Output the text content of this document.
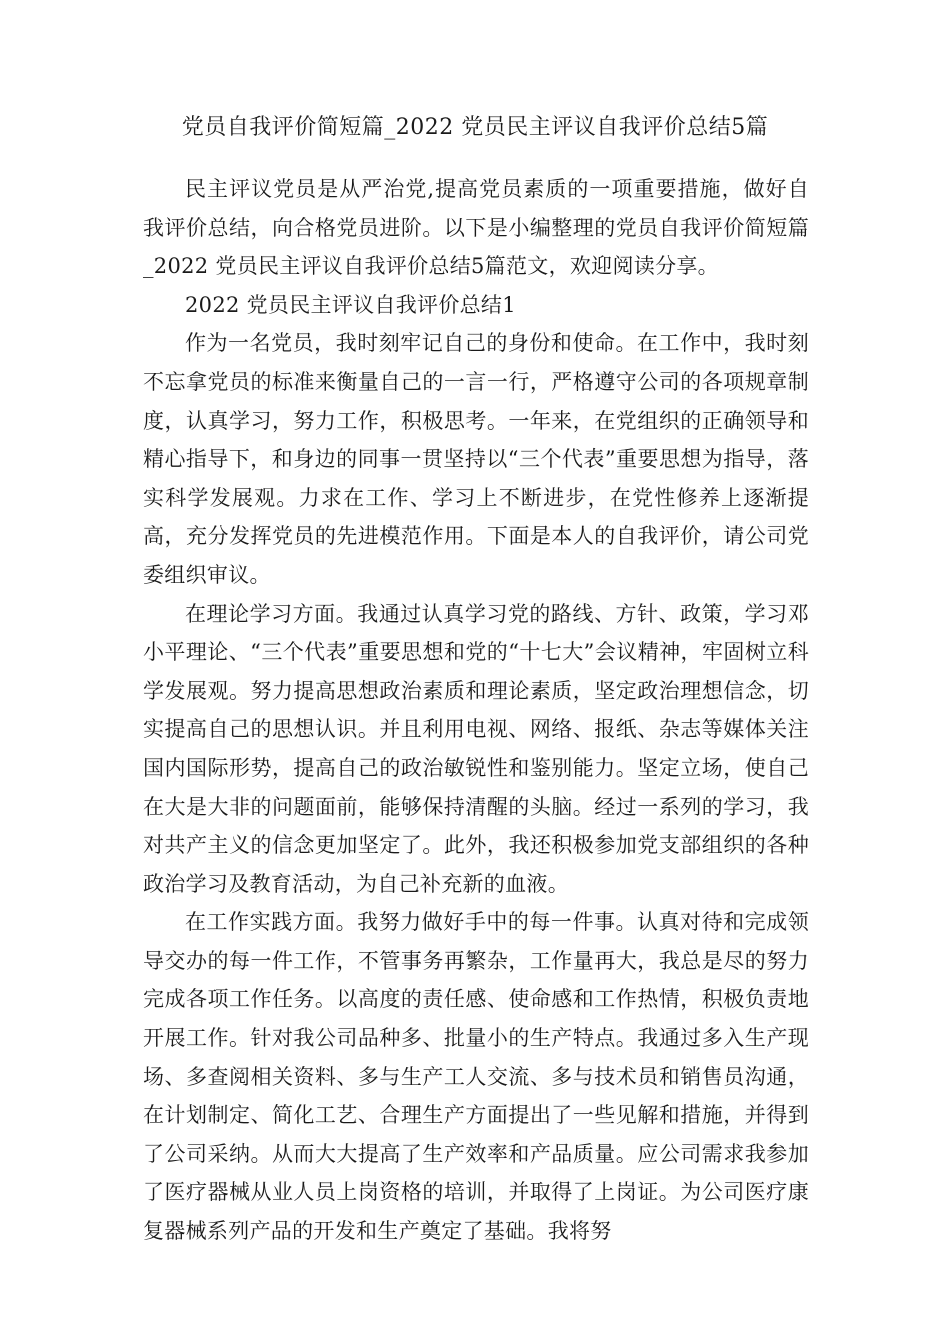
党员自我评价简短篇_2022 党员民主评议自我评价总结5篇

民主评议党员是从严治党,提高党员素质的一项重要措施，做好自我评价总结，向合格党员进阶。以下是小编整理的党员自我评价简短篇_2022 党员民主评议自我评价总结5篇范文，欢迎阅读分享。

2022 党员民主评议自我评价总结1

作为一名党员，我时刻牢记自己的身份和使命。在工作中，我时刻不忘拿党员的标准来衡量自己的一言一行，严格遵守公司的各项规章制度，认真学习，努力工作，积极思考。一年来，在党组织的正确领导和精心指导下，和身边的同事一贯坚持以“三个代表”重要思想为指导，落实科学发展观。力求在工作、学习上不断进步，在党性修养上逐渐提高，充分发挥党员的先进模范作用。下面是本人的自我评价，请公司党委组织审议。

在理论学习方面。我通过认真学习党的路线、方针、政策，学习邓小平理论、“三个代表”重要思想和党的“十七大”会议精神，牢固树立科学发展观。努力提高思想政治素质和理论素质，坚定政治理想信念，切实提高自己的思想认识。并且利用电视、网络、报纸、杂志等媒体关注国内国际形势，提高自己的政治敏锐性和鉴别能力。坚定立场，使自己在大是大非的问题面前，能够保持清醒的头脑。经过一系列的学习，我对共产主义的信念更加坚定了。此外，我还积极参加党支部组织的各种政治学习及教育活动，为自己补充新的血液。

在工作实践方面。我努力做好手中的每一件事。认真对待和完成领导交办的每一件工作，不管事务再繁杂，工作量再大，我总是尽的努力完成各项工作任务。以高度的责任感、使命感和工作热情，积极负责地开展工作。针对我公司品种多、批量小的生产特点。我通过多入生产现场、多查阅相关资料、多与生产工人交流、多与技术员和销售员沟通，在计划制定、简化工艺、合理生产方面提出了一些见解和措施，并得到了公司采纳。从而大大提高了生产效率和产品质量。应公司需求我参加了医疗器械从业人员上岗资格的培训，并取得了上岗证。为公司医疗康复器械系列产品的开发和生产奠定了基础。我将努
